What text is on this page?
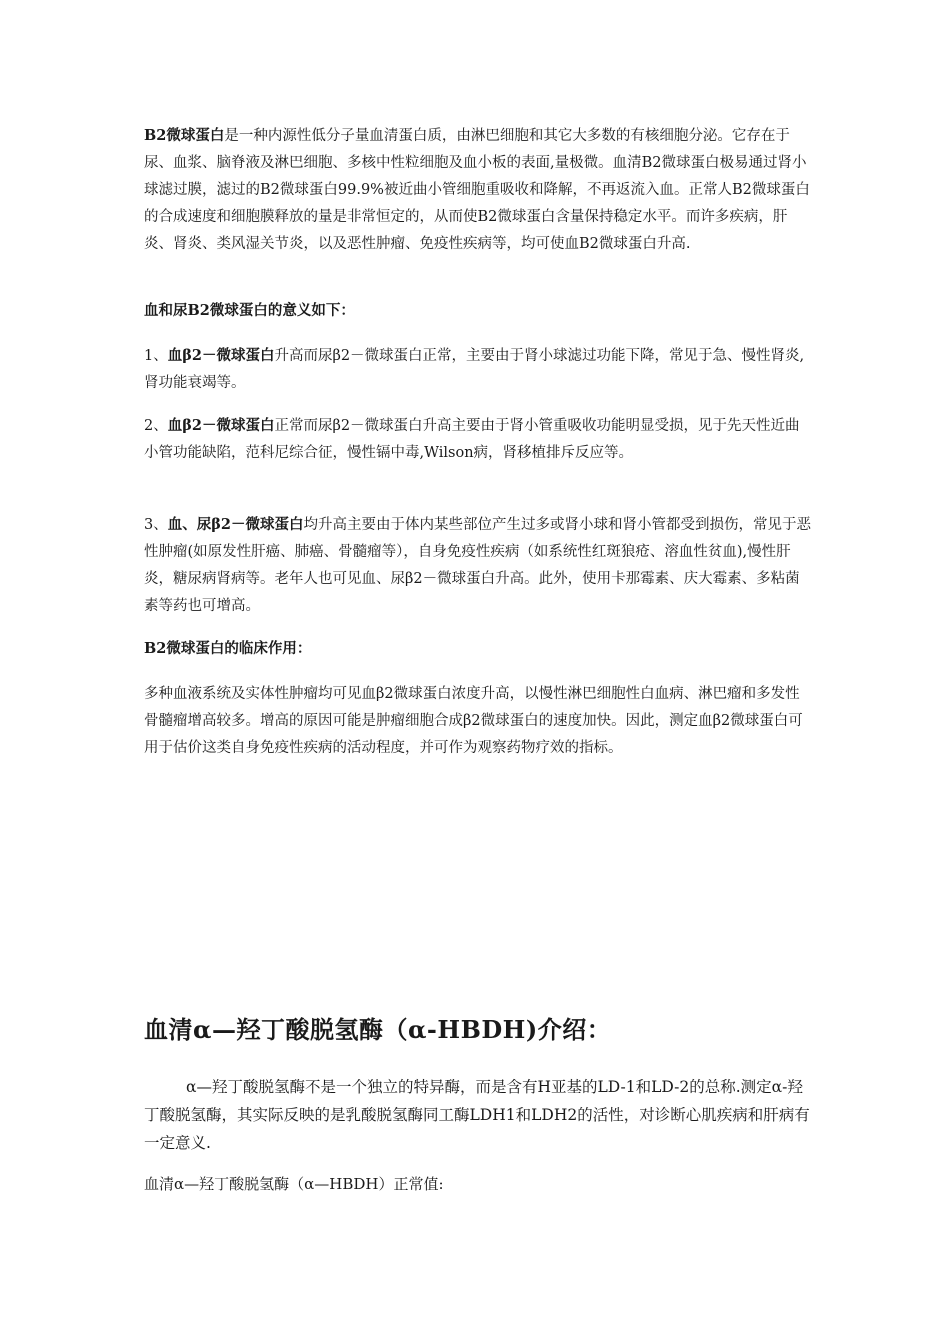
B2微球蛋白是一种内源性低分子量血清蛋白质，由淋巴细胞和其它大多数的有核细胞分泌。它存在于尿、血浆、脑脊液及淋巴细胞、多核中性粒细胞及血小板的表面,量极微。血清B2微球蛋白极易通过肾小球滤过膜，滤过的B2微球蛋白99.9%被近曲小管细胞重吸收和降解，不再返流入血。正常人B2微球蛋白的合成速度和细胞膜释放的量是非常恒定的，从而使B2微球蛋白含量保持稳定水平。而许多疾病，肝炎、肾炎、类风湿关节炎，以及恶性肿瘤、免疫性疾病等，均可使血B2微球蛋白升高.

血和尿B2微球蛋白的意义如下：

1、血β2－微球蛋白升高而尿β2－微球蛋白正常，主要由于肾小球滤过功能下降，常见于急、慢性肾炎,肾功能衰竭等。

2、血β2－微球蛋白正常而尿β2－微球蛋白升高主要由于肾小管重吸收功能明显受损，见于先天性近曲小管功能缺陷，范科尼综合征，慢性镉中毒,Wilson病，肾移植排斥反应等。

3、血、尿β2－微球蛋白均升高主要由于体内某些部位产生过多或肾小球和肾小管都受到损伤，常见于恶性肿瘤(如原发性肝癌、肺癌、骨髓瘤等），自身免疫性疾病（如系统性红斑狼疮、溶血性贫血),慢性肝炎，糖尿病肾病等。老年人也可见血、尿β2－微球蛋白升高。此外，使用卡那霉素、庆大霉素、多粘菌素等药也可增高。

B2微球蛋白的临床作用：

多种血液系统及实体性肿瘤均可见血β2微球蛋白浓度升高，以慢性淋巴细胞性白血病、淋巴瘤和多发性骨髓瘤增高较多。增高的原因可能是肿瘤细胞合成β2微球蛋白的速度加快。因此，测定血β2微球蛋白可用于估价这类自身免疫性疾病的活动程度，并可作为观察药物疗效的指标。

血清α—羟丁酸脱氢酶（α-HBDH)介绍：

α—羟丁酸脱氢酶不是一个独立的特异酶，而是含有H亚基的LD-1和LD-2的总称.测定α-羟丁酸脱氢酶，其实际反映的是乳酸脱氢酶同工酶LDH1和LDH2的活性，对诊断心肌疾病和肝病有一定意义.

血清α—羟丁酸脱氢酶（α—HBDH）正常值:
